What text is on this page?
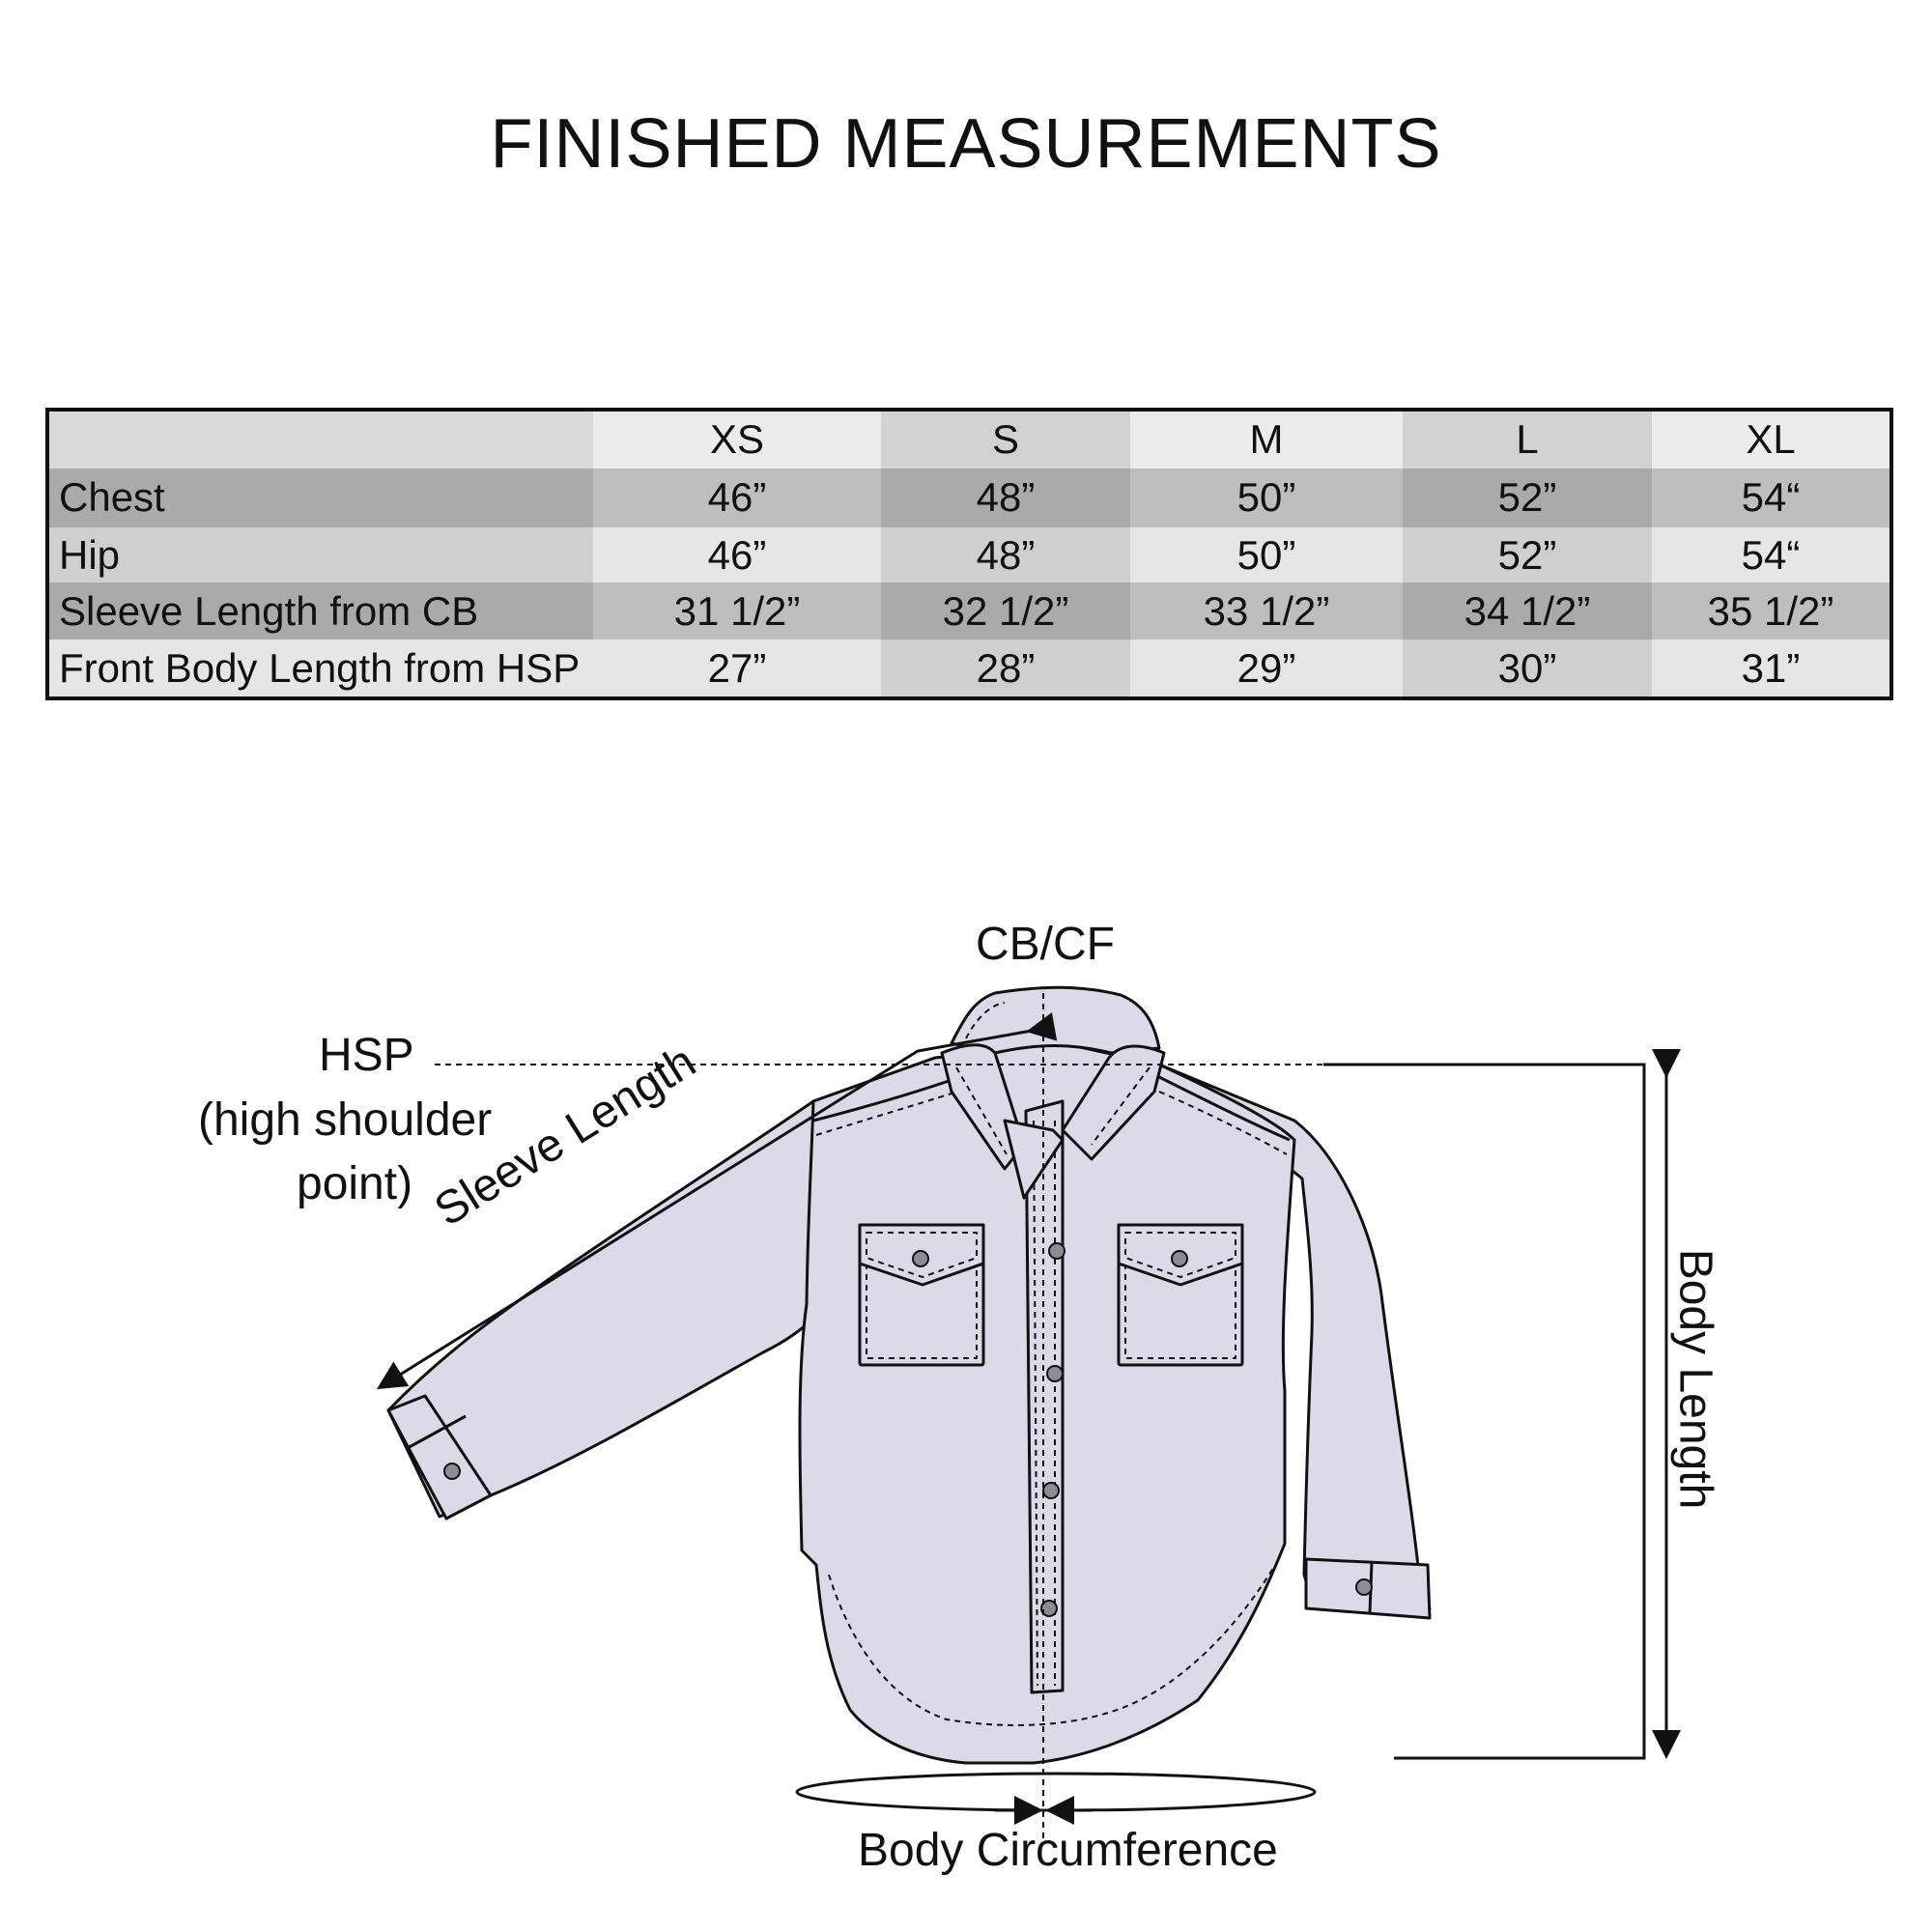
FINISHED MEASUREMENTS
	XS	S	M	L	XL
Chest	46”	48”	50”	52”	54“
Hip	46”	48”	50”	52”	54“
Sleeve Length from CB	31 1/2”	32 1/2”	33 1/2”	34 1/2”	35 1/2”
Front Body Length from HSP	27”	28”	29”	30”	31”
CB/CF
HSP
(high shoulder
point) Sleeve Length
Body Length
Body Circumference
